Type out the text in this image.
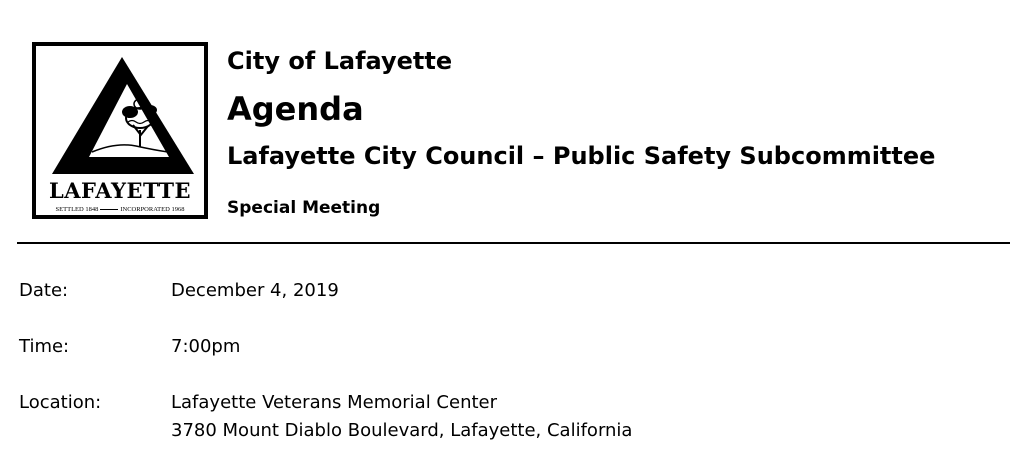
LAFAYETTE
SETTLED 1848	INCORPORATED 1968
City of Lafayette
Agenda
Lafayette City Council – Public Safety Subcommittee
Special Meeting
Date:	December 4, 2019
Time:	7:00pm
Location:	Lafayette Veterans Memorial Center
3780 Mount Diablo Boulevard, Lafayette, California
